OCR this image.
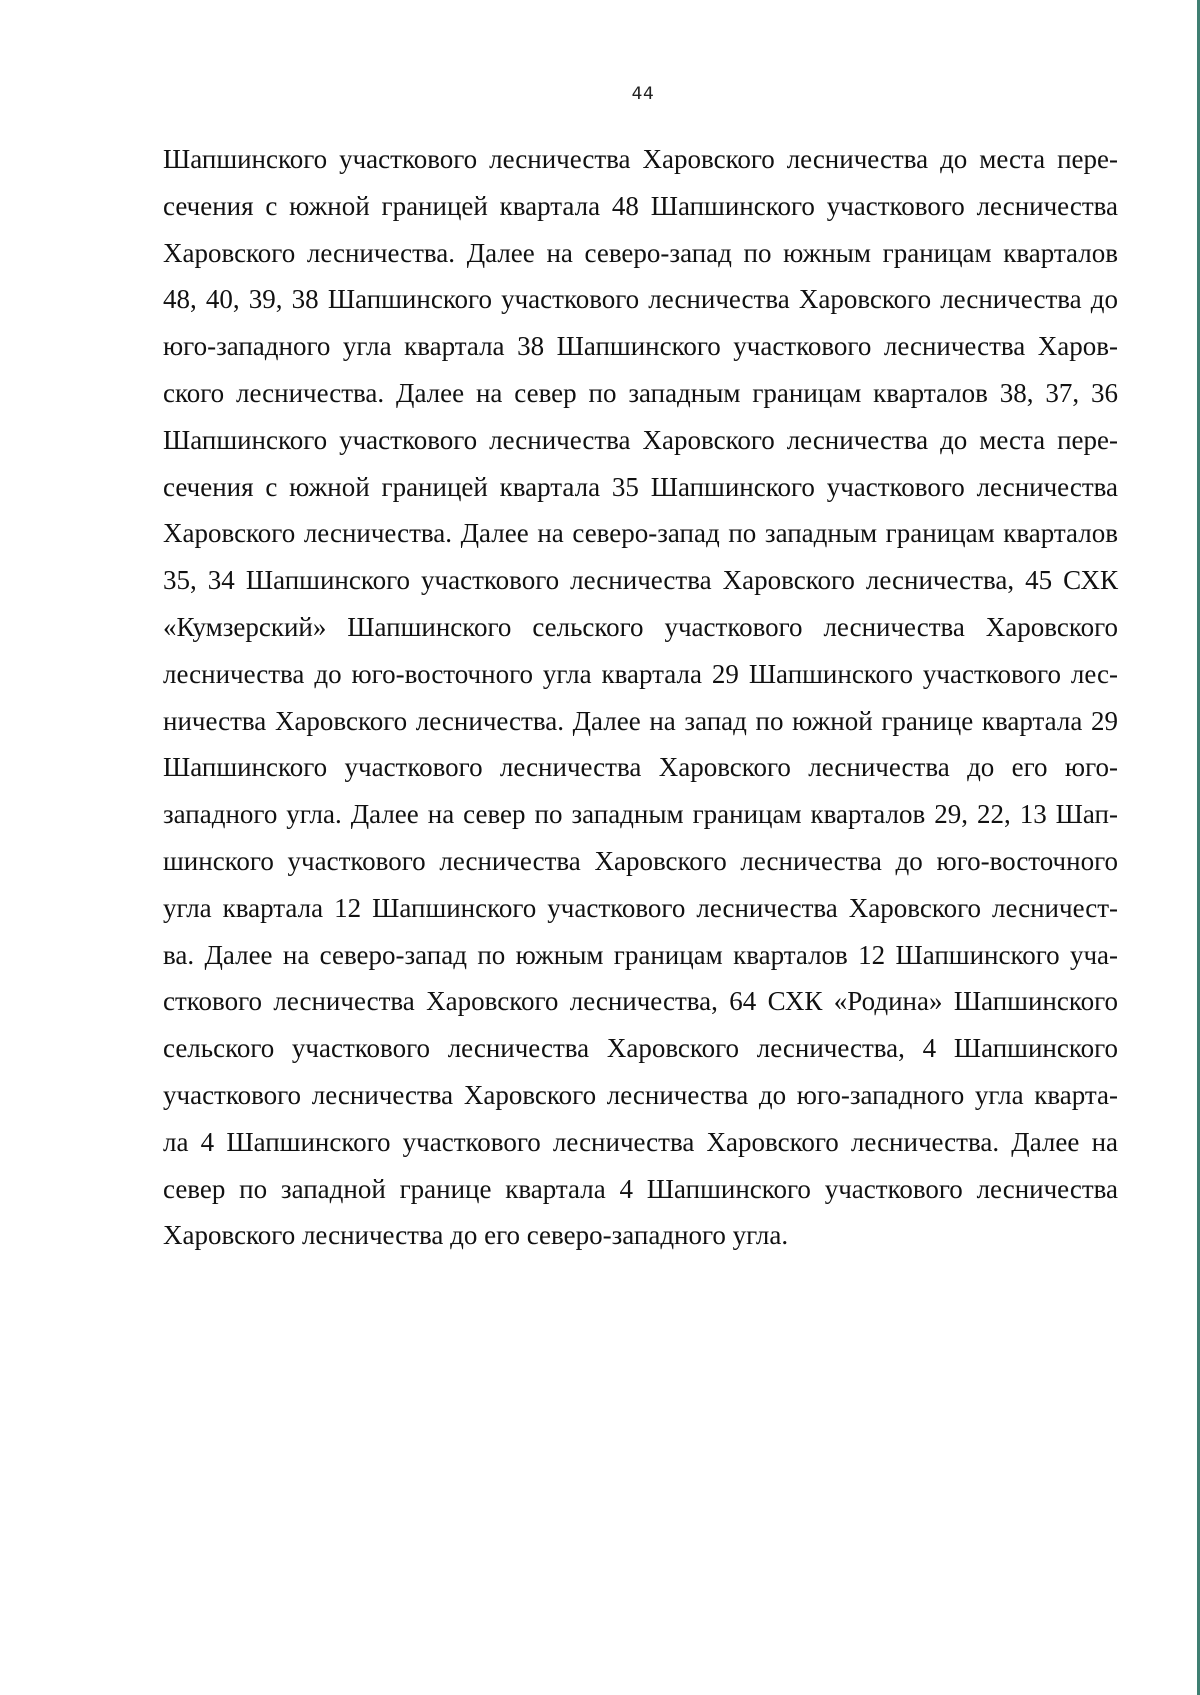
44
Шапшинского участкового лесничества Харовского лесничества до места пере-
сечения с южной границей квартала 48 Шапшинского участкового лесничества
Харовского лесничества. Далее на северо-запад по южным границам кварталов
48, 40, 39, 38 Шапшинского участкового лесничества Харовского лесничества до
юго-западного угла квартала 38 Шапшинского участкового лесничества Харов-
ского лесничества. Далее на север по западным границам кварталов 38, 37, 36
Шапшинского участкового лесничества Харовского лесничества до места пере-
сечения с южной границей квартала 35 Шапшинского участкового лесничества
Харовского лесничества. Далее на северо-запад по западным границам кварталов
35, 34 Шапшинского участкового лесничества Харовского лесничества, 45 СХК
«Кумзерский» Шапшинского сельского участкового лесничества Харовского
лесничества до юго-восточного угла квартала 29 Шапшинского участкового лес-
ничества Харовского лесничества. Далее на запад по южной границе квартала 29
Шапшинского участкового лесничества Харовского лесничества до его юго-
западного угла. Далее на север по западным границам кварталов 29, 22, 13 Шап-
шинского участкового лесничества Харовского лесничества до юго-восточного
угла квартала 12 Шапшинского участкового лесничества Харовского лесничест-
ва. Далее на северо-запад по южным границам кварталов 12 Шапшинского уча-
сткового лесничества Харовского лесничества, 64 СХК «Родина» Шапшинского
сельского участкового лесничества Харовского лесничества, 4 Шапшинского
участкового лесничества Харовского лесничества до юго-западного угла кварта-
ла 4 Шапшинского участкового лесничества Харовского лесничества. Далее на
север по западной границе квартала 4 Шапшинского участкового лесничества
Харовского лесничества до его северо-западного угла.
